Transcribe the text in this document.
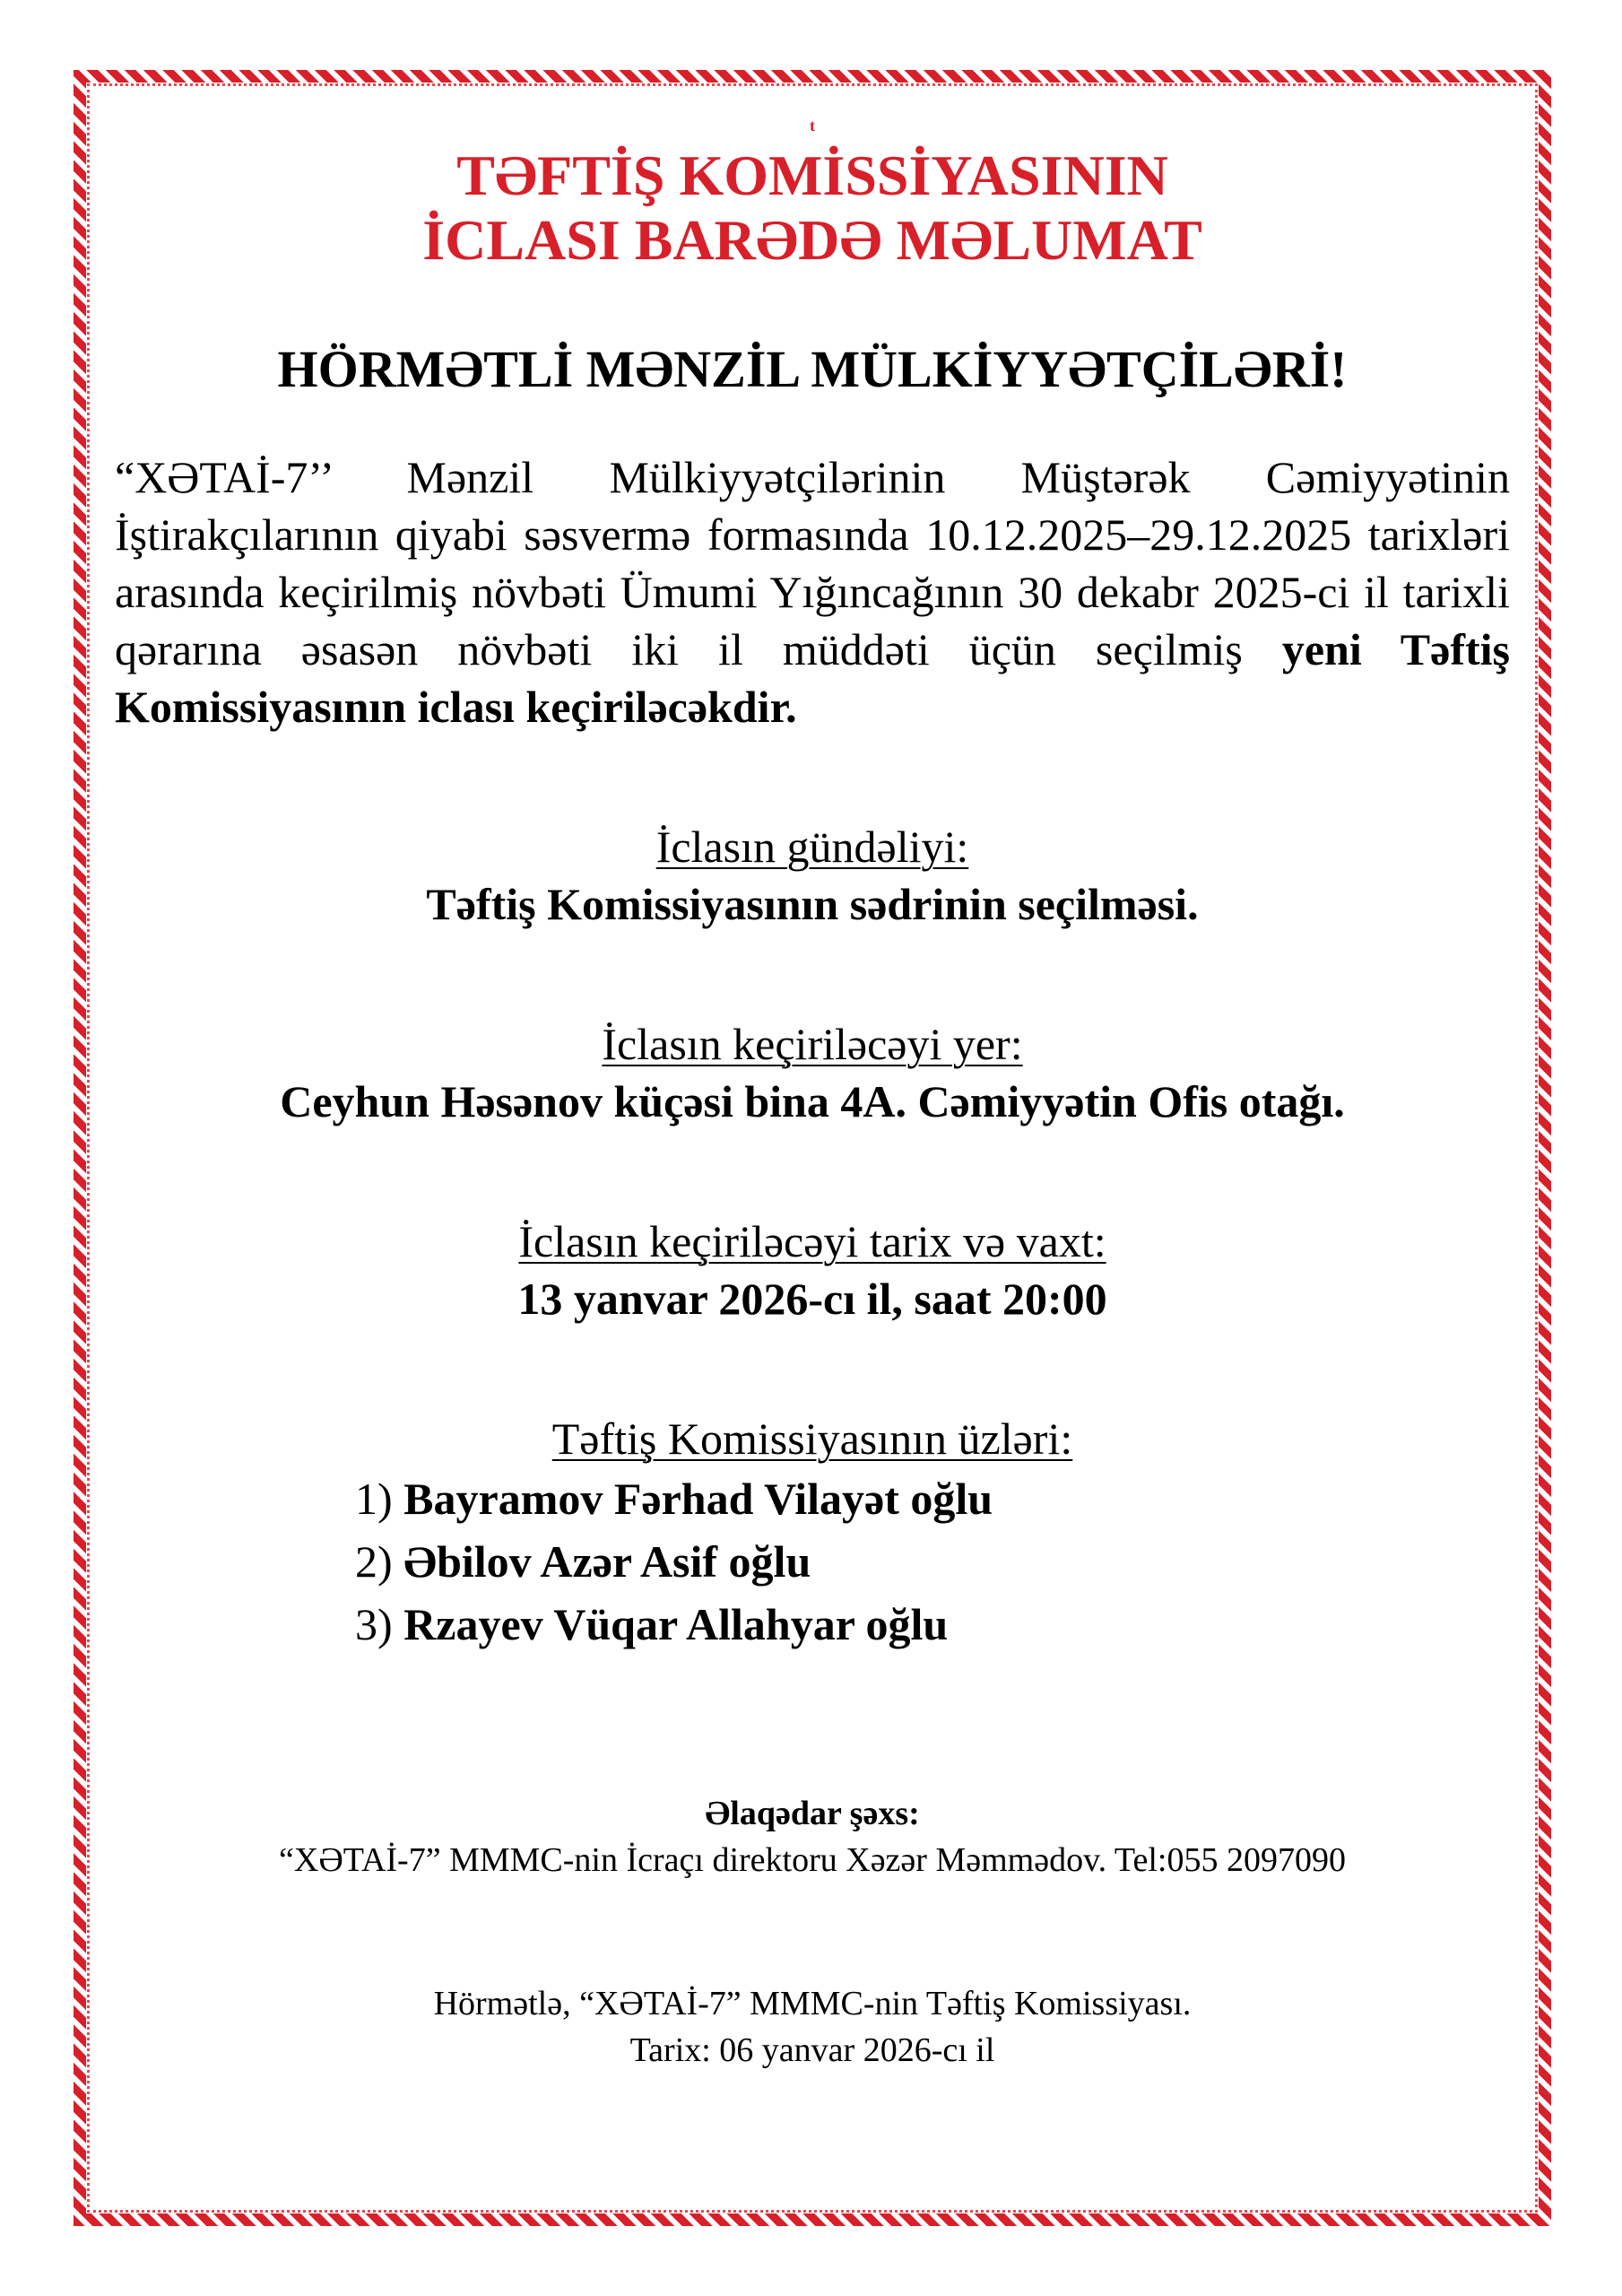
t

TƏFTİŞ KOMİSSİYASININ

İCLASI BARƏDƏ MƏLUMAT

HÖRMƏTLİ MƏNZİL MÜLKİYYƏTÇİLƏRİ!

“XƏTAİ-7’’ Mənzil Mülkiyyətçilərinin Müştərək Cəmiyyətinin İştirakçılarının qiyabi səsvermə formasında 10.12.2025–29.12.2025 tarixləri arasında keçirilmiş növbəti Ümumi Yığıncağının 30 dekabr 2025-ci il tarixli qərarına əsasən növbəti iki il müddəti üçün seçilmiş yeni Təftiş Komissiyasının iclası keçiriləcəkdir.

İclasın gündəliyi:
Təftiş Komissiyasının sədrinin seçilməsi.
İclasın keçiriləcəyi yer:
Ceyhun Həsənov küçəsi bina 4A. Cəmiyyətin Ofis otağı.
İclasın keçiriləcəyi tarix və vaxt:
13 yanvar 2026-cı il, saat 20:00
Təftiş Komissiyasının üzləri:
1) Bayramov Fərhad Vilayət oğlu
2) Əbilov Azər Asif oğlu
3) Rzayev Vüqar Allahyar oğlu
Əlaqədar şəxs:
“XƏTAİ-7” MMMC-nin İcraçı direktoru Xəzər Məmmədov. Tel:055 2097090
Hörmətlə, “XƏTAİ-7” MMMC-nin Təftiş Komissiyası.
Tarix: 06 yanvar 2026-cı il
